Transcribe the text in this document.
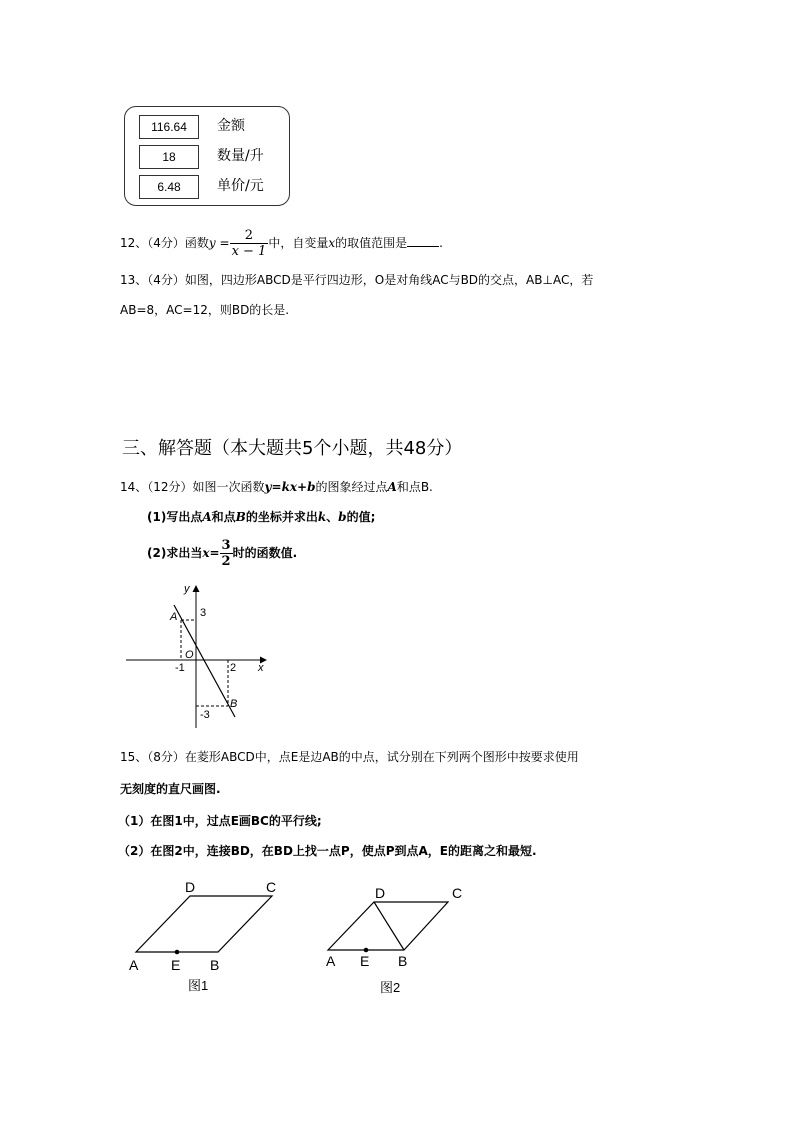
116.64	金额
18	数量/升
6.48	单价/元
12、（4分）函数$y = \frac{2}{x - 1}$ 中，自变量x的取值范围是	.
13、（4分）如图，四边形ABCD是平行四边形，O是对角线AC与BD的交点，AB⊥AC，若
AB=8，AC=12，则BD的长是.
三、解答题（本大题共5个小题，共48分）
14、（12分）如图一次函数y=kx+b的图象经过点A和点B.
(1)写出点A和点B的坐标并求出k、b的值;
(2)求出当$x= \frac{3}{2}$ 时的函数值.
y
x
A 3
O
-1	2
B
-3
15、（8分）在菱形ABCD中，点E是边AB的中点，试分别在下列两个图形中按要求使用
无刻度的直尺画图.
（1）在图1中，过点E画BC的平行线;
（2）在图2中，连接BD，在BD上找一点P，使点P到点A，E的距离之和最短.
D	C
A E B
图1
D	C
A E B
图2
